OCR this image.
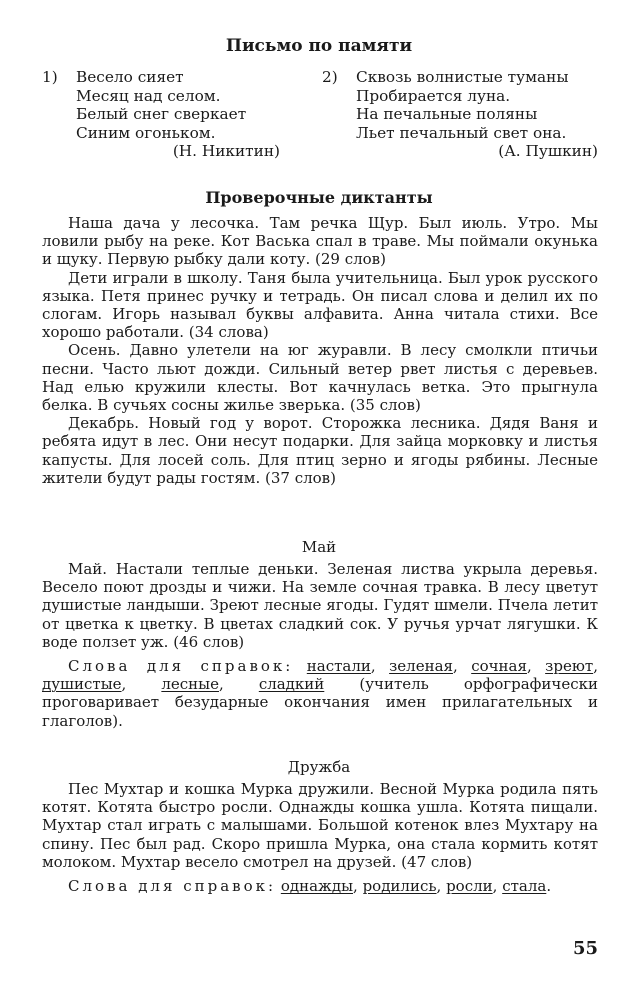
Письмо по памяти
1) Весело сияет
Месяц над селом.
Белый снег сверкает
Синим огоньком.
(Н. Никитин)
2) Сквозь волнистые туманы
Пробирается луна.
На печальные поляны
Льет печальный свет она.
(А. Пушкин)
Проверочные диктанты

Наша дача у лесочка. Там речка Щур. Был июль. Утро. Мы ловили рыбу на реке. Кот Васька спал в траве. Мы поймали окунька и щуку. Первую рыбку дали коту. (29 слов)

Дети играли в школу. Таня была учительница. Был урок русского языка. Петя принес ручку и тетрадь. Он писал слова и делил их по слогам. Игорь называл буквы алфавита. Анна читала стихи. Все хорошо работали. (34 слова)

Осень. Давно улетели на юг журавли. В лесу смолкли птичьи песни. Часто льют дожди. Сильный ветер рвет листья с деревьев. Над елью кружили клесты. Вот качнулась ветка. Это прыгнула белка. В сучьях сосны жилье зверька. (35 слов)

Декабрь. Новый год у ворот. Сторожка лесника. Дядя Ваня и ребята идут в лес. Они несут подарки. Для зайца морковку и листья капусты. Для лосей соль. Для птиц зерно и ягоды рябины. Лесные жители будут рады гостям. (37 слов)

Май

Май. Настали теплые деньки. Зеленая листва укрыла деревья. Весело поют дрозды и чижи. На земле сочная травка. В лесу цветут душистые ландыши. Зреют лесные ягоды. Гудят шмели. Пчела летит от цветка к цветку. В цветах сладкий сок. У ручья урчат лягушки. К воде ползет уж. (46 слов)

Слова для справок: настали, зеленая, сочная, зреют, душистые, лесные, сладкий (учитель орфографически проговаривает безударные окончания имен прилагательных и глаголов).

Дружба

Пес Мухтар и кошка Мурка дружили. Весной Мурка родила пять котят. Котята быстро росли. Однажды кошка ушла. Котята пищали. Мухтар стал играть с малышами. Большой котенок влез Мухтару на спину. Пес был рад. Скоро пришла Мурка, она стала кормить котят молоком. Мухтар весело смотрел на друзей. (47 слов)

Слова для справок: однажды, родились, росли, стала.

55
